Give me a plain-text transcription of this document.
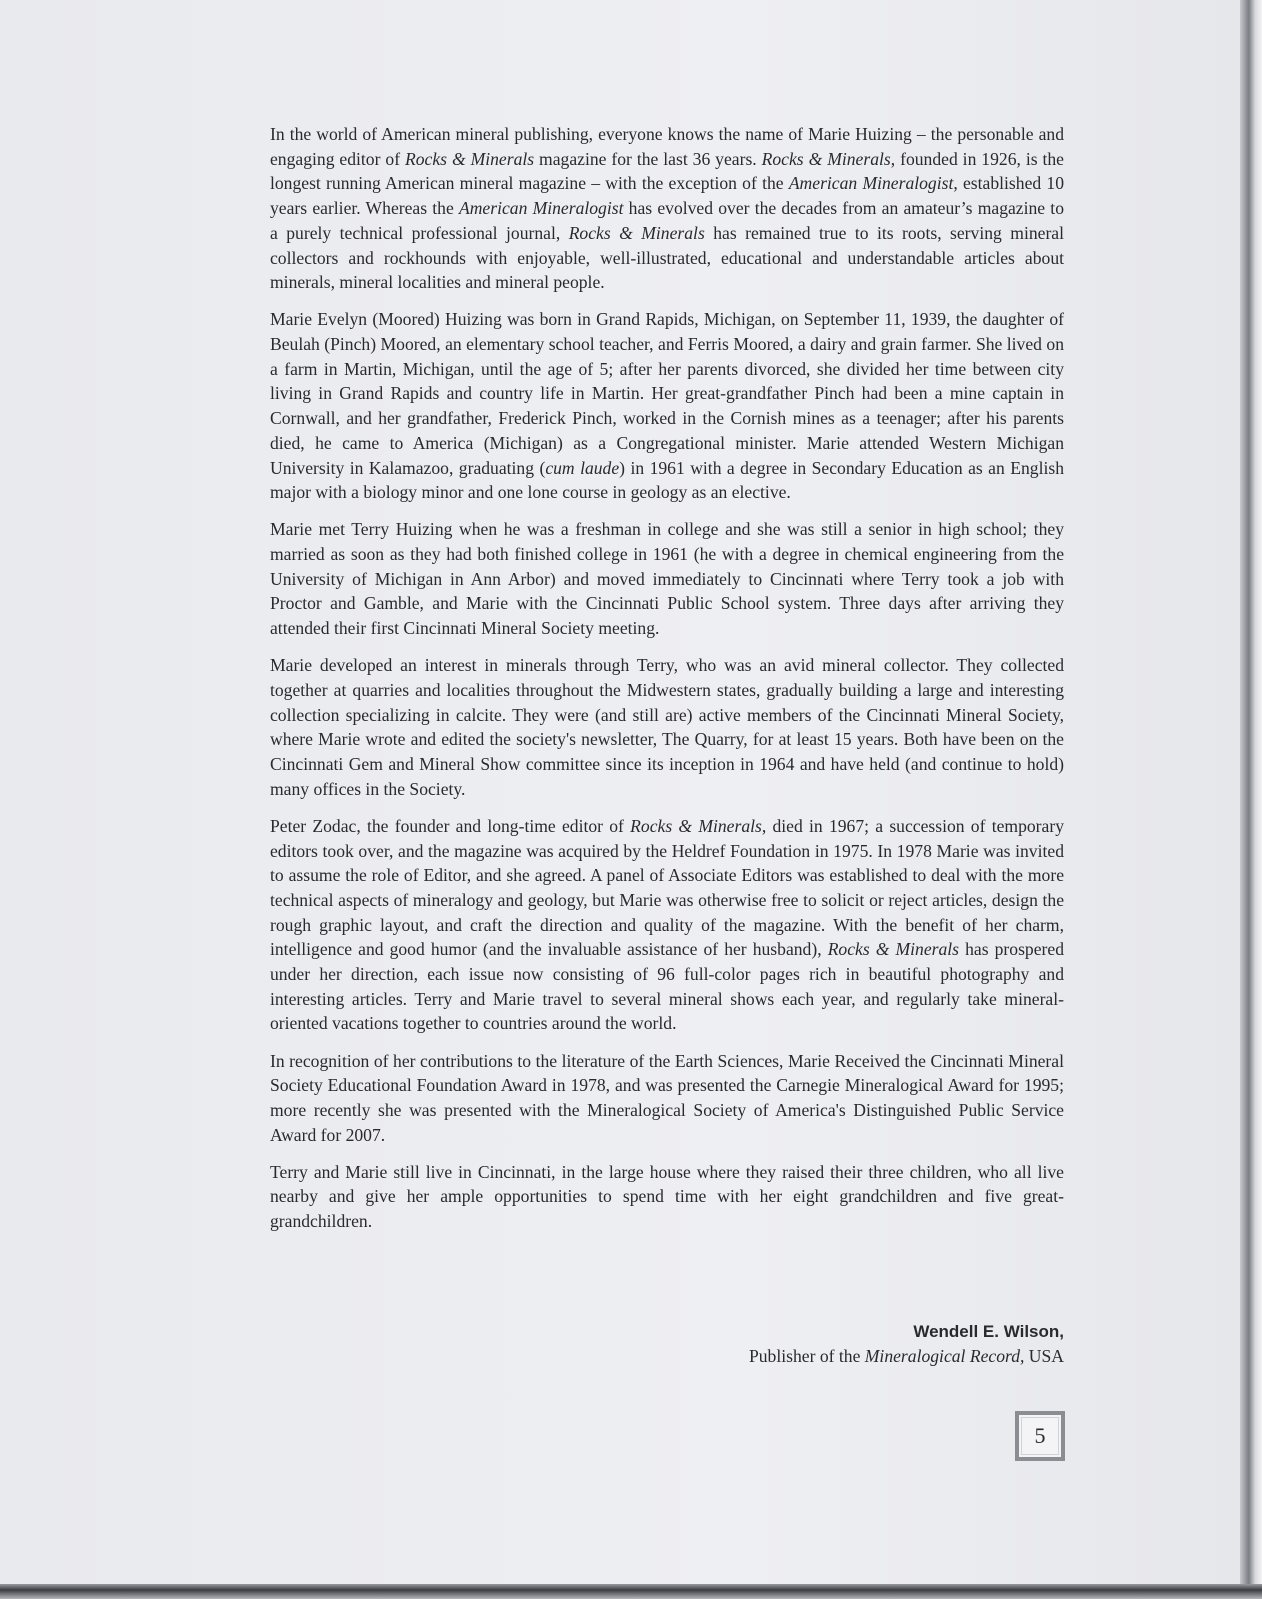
In the world of American mineral publishing, everyone knows the name of Marie Huizing – the personable and engaging editor of Rocks & Minerals magazine for the last 36 years. Rocks & Minerals, founded in 1926, is the longest running American mineral magazine – with the exception of the American Mineralogist, established 10 years earlier. Whereas the American Mineralogist has evolved over the decades from an amateur’s magazine to a purely technical professional journal, Rocks & Minerals has remained true to its roots, serving mineral collectors and rockhounds with enjoyable, well-illustrated, educational and understandable articles about minerals, mineral localities and mineral people.

Marie Evelyn (Moored) Huizing was born in Grand Rapids, Michigan, on September 11, 1939, the daughter of Beulah (Pinch) Moored, an elementary school teacher, and Ferris Moored, a dairy and grain farmer. She lived on a farm in Martin, Michigan, until the age of 5; after her parents divorced, she divided her time between city living in Grand Rapids and country life in Martin. Her great-grandfather Pinch had been a mine captain in Cornwall, and her grandfather, Frederick Pinch, worked in the Cornish mines as a teenager; after his parents died, he came to America (Michigan) as a Congregational minister. Marie attended Western Michigan University in Kalamazoo, graduating (cum laude) in 1961 with a degree in Secondary Education as an English major with a biology minor and one lone course in geology as an elective.

Marie met Terry Huizing when he was a freshman in college and she was still a senior in high school; they married as soon as they had both finished college in 1961 (he with a degree in chemical engineering from the University of Michigan in Ann Arbor) and moved immediately to Cincinnati where Terry took a job with Proctor and Gamble, and Marie with the Cincinnati Public School system. Three days after arriving they attended their first Cincinnati Mineral Society meeting.

Marie developed an interest in minerals through Terry, who was an avid mineral collector. They collected together at quarries and localities throughout the Midwestern states, gradually building a large and interesting collection specializing in calcite. They were (and still are) active members of the Cincinnati Mineral Society, where Marie wrote and edited the society's newsletter, The Quarry, for at least 15 years. Both have been on the Cincinnati Gem and Mineral Show committee since its inception in 1964 and have held (and continue to hold) many offices in the Society.

Peter Zodac, the founder and long-time editor of Rocks & Minerals, died in 1967; a succession of temporary editors took over, and the magazine was acquired by the Heldref Foundation in 1975. In 1978 Marie was invited to assume the role of Editor, and she agreed. A panel of Associate Editors was established to deal with the more technical aspects of mineralogy and geology, but Marie was otherwise free to solicit or reject articles, design the rough graphic layout, and craft the direction and quality of the magazine. With the benefit of her charm, intelligence and good humor (and the invaluable assistance of her husband), Rocks & Minerals has prospered under her direction, each issue now consisting of 96 full-color pages rich in beautiful photography and interesting articles. Terry and Marie travel to several mineral shows each year, and regularly take mineral-oriented vacations together to countries around the world.

In recognition of her contributions to the literature of the Earth Sciences, Marie Received the Cincinnati Mineral Society Educational Foundation Award in 1978, and was presented the Carnegie Mineralogical Award for 1995; more recently she was presented with the Mineralogical Society of America's Distinguished Public Service Award for 2007.

Terry and Marie still live in Cincinnati, in the large house where they raised their three children, who all live nearby and give her ample opportunities to spend time with her eight grandchildren and five great-grandchildren.

Wendell E. Wilson,
Publisher of the Mineralogical Record, USA
5
